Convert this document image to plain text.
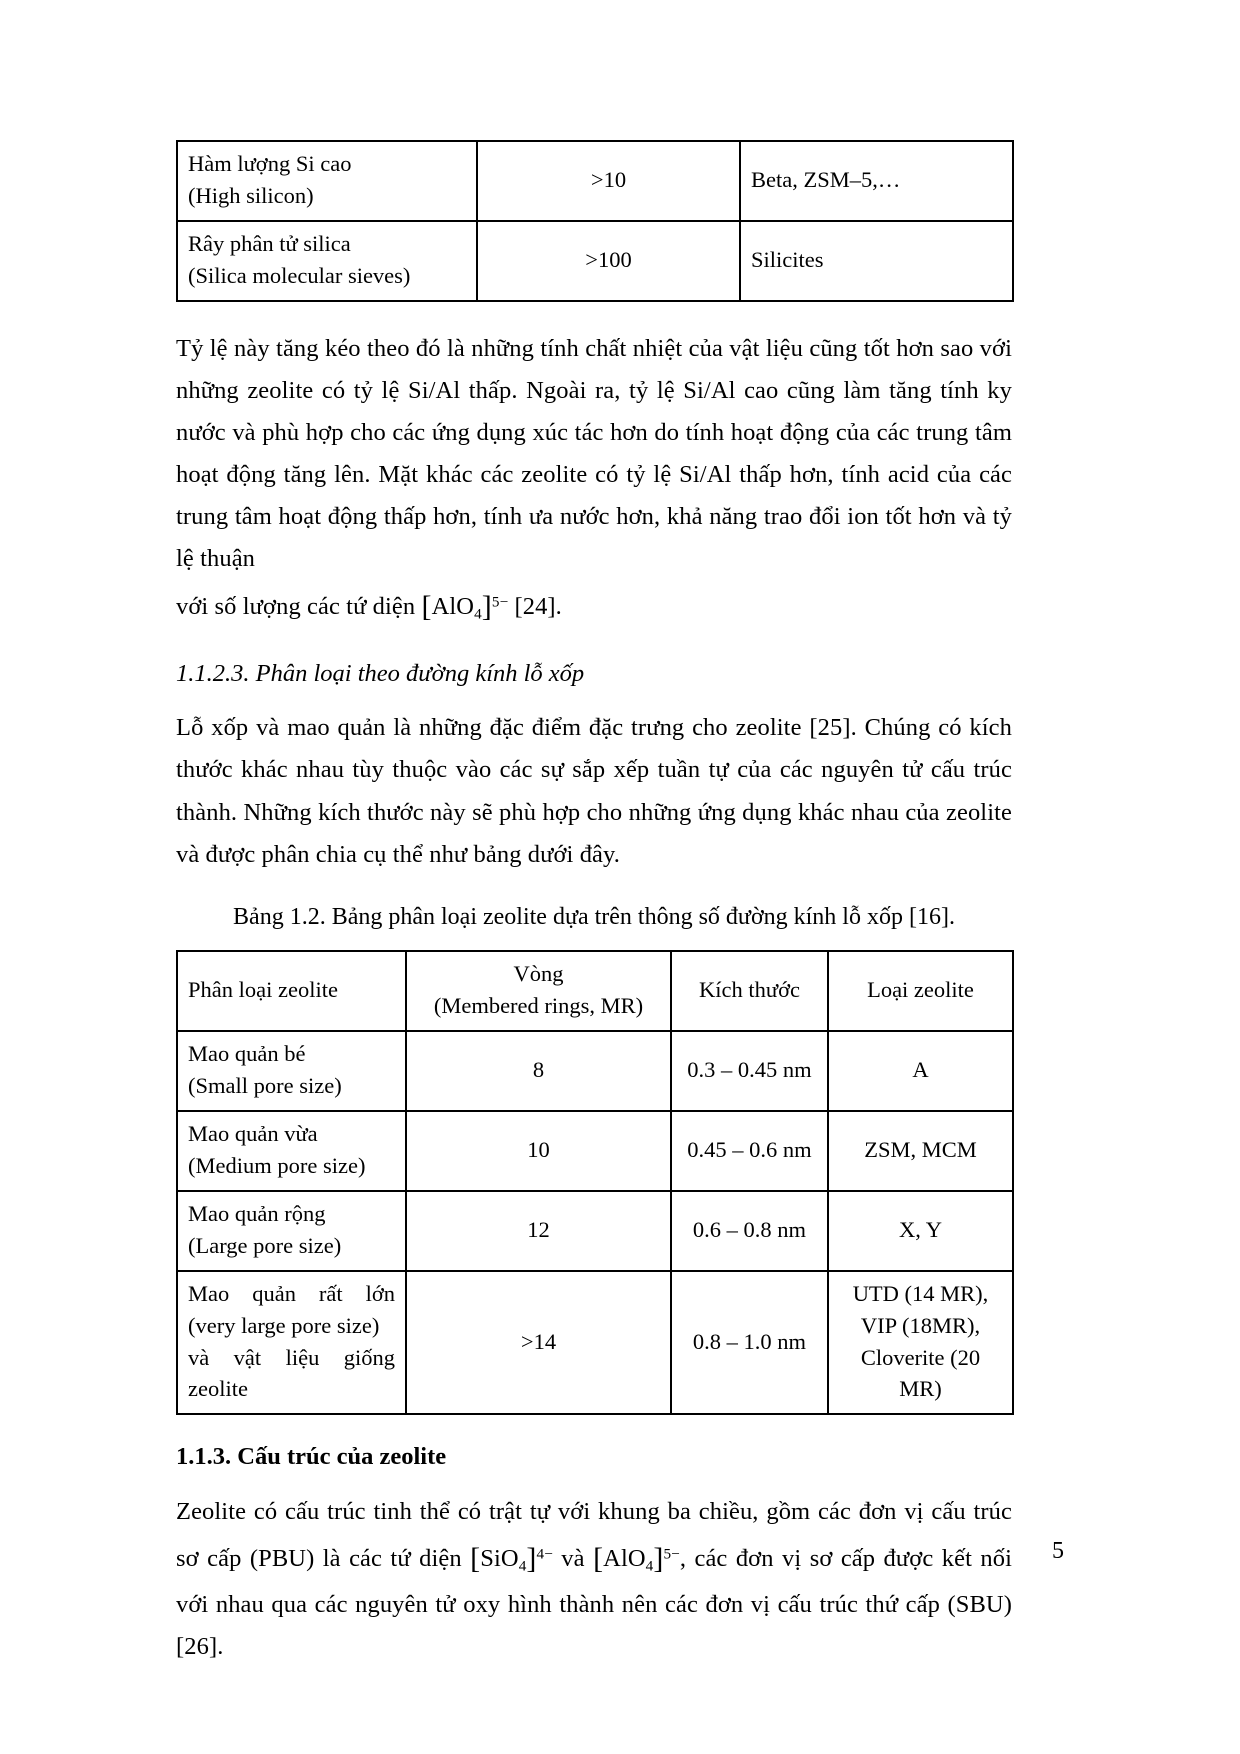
Hàm lượng Si cao
(High silicon)	>10	Beta, ZSM–5,…

Rây phân tử silica
(Silica molecular sieves)	>100	Silicites

Tỷ lệ này tăng kéo theo đó là những tính chất nhiệt của vật liệu cũng tốt hơn sao với những zeolite có tỷ lệ Si/Al thấp. Ngoài ra, tỷ lệ Si/Al cao cũng làm tăng tính ky nước và phù hợp cho các ứng dụng xúc tác hơn do tính hoạt động của các trung tâm hoạt động tăng lên. Mặt khác các zeolite có tỷ lệ Si/Al thấp hơn, tính acid của các trung tâm hoạt động thấp hơn, tính ưa nước hơn, khả năng trao đổi ion tốt hơn và tỷ lệ thuận

với số lượng các tứ diện $[AlO_4]^{5-}$ [24].

1.1.2.3. Phân loại theo đường kính lỗ xốp

Lỗ xốp và mao quản là những đặc điểm đặc trưng cho zeolite [25]. Chúng có kích thước khác nhau tùy thuộc vào các sự sắp xếp tuần tự của các nguyên tử cấu trúc thành. Những kích thước này sẽ phù hợp cho những ứng dụng khác nhau của zeolite và được phân chia cụ thể như bảng dưới đây.

Bảng 1.2. Bảng phân loại zeolite dựa trên thông số đường kính lỗ xốp [16].

Phân loại zeolite	Vòng
(Membered rings, MR)	Kích thước	Loại zeolite

Mao quản bé
(Small pore size)	8	0.3 – 0.45 nm	A

Mao quản vừa
(Medium pore size)	10	0.45 – 0.6 nm	ZSM, MCM

Mao quản rộng
(Large pore size)	12	0.6 – 0.8 nm	X, Y

Mao quản rất lớn
(very large pore size)
và vật liệu giống
zeolite	>14	0.8 – 1.0 nm	UTD (14 MR),
VIP (18MR),
Cloverite (20
MR)
1.1.3. Cấu trúc của zeolite

Zeolite có cấu trúc tinh thể có trật tự với khung ba chiều, gồm các đơn vị cấu trúc sơ cấp (PBU) là các tứ diện $[SiO_4]^{4-}$ và $[AlO_4]^{5-}$, các đơn vị sơ cấp được kết nối với nhau qua các nguyên tử oxy hình thành nên các đơn vị cấu trúc thứ cấp (SBU) [26].

5
